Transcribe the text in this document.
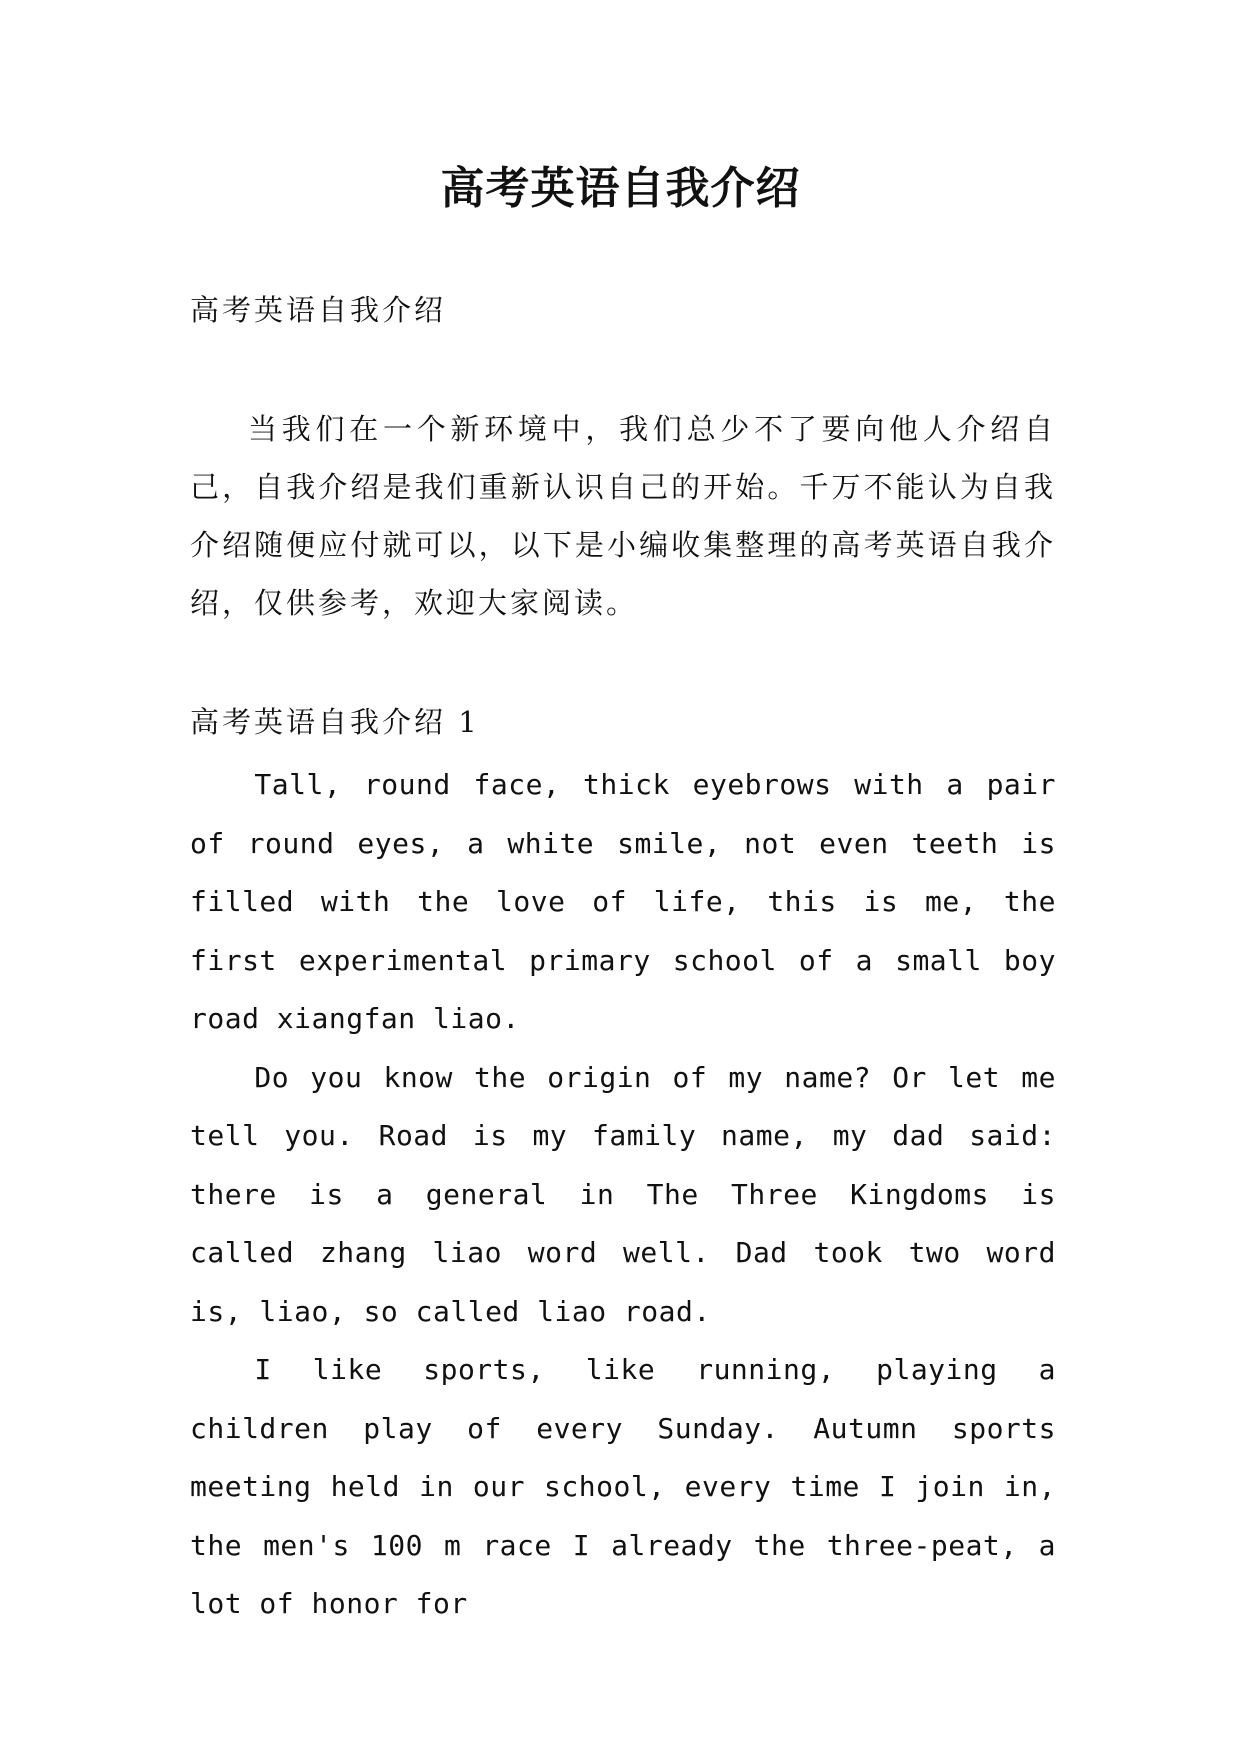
高考英语自我介绍

高考英语自我介绍

当我们在一个新环境中，我们总少不了要向他人介绍自己，自我介绍是我们重新认识自己的开始。千万不能认为自我介绍随便应付就可以，以下是小编收集整理的高考英语自我介绍，仅供参考，欢迎大家阅读。

高考英语自我介绍 1

Tall, round face, thick eyebrows with a pair of round eyes, a white smile, not even teeth is filled with the love of life, this is me, the first experimental primary school of a small boy road xiangfan liao.

Do you know the origin of my name? Or let me tell you. Road is my family name, my dad said: there is a general in The Three Kingdoms is called zhang liao word well. Dad took two word is, liao, so called liao road.

I like sports, like running, playing a children play of every Sunday. Autumn sports meeting held in our school, every time I join in, the men's 100 m race I already the three-peat, a lot of honor for
